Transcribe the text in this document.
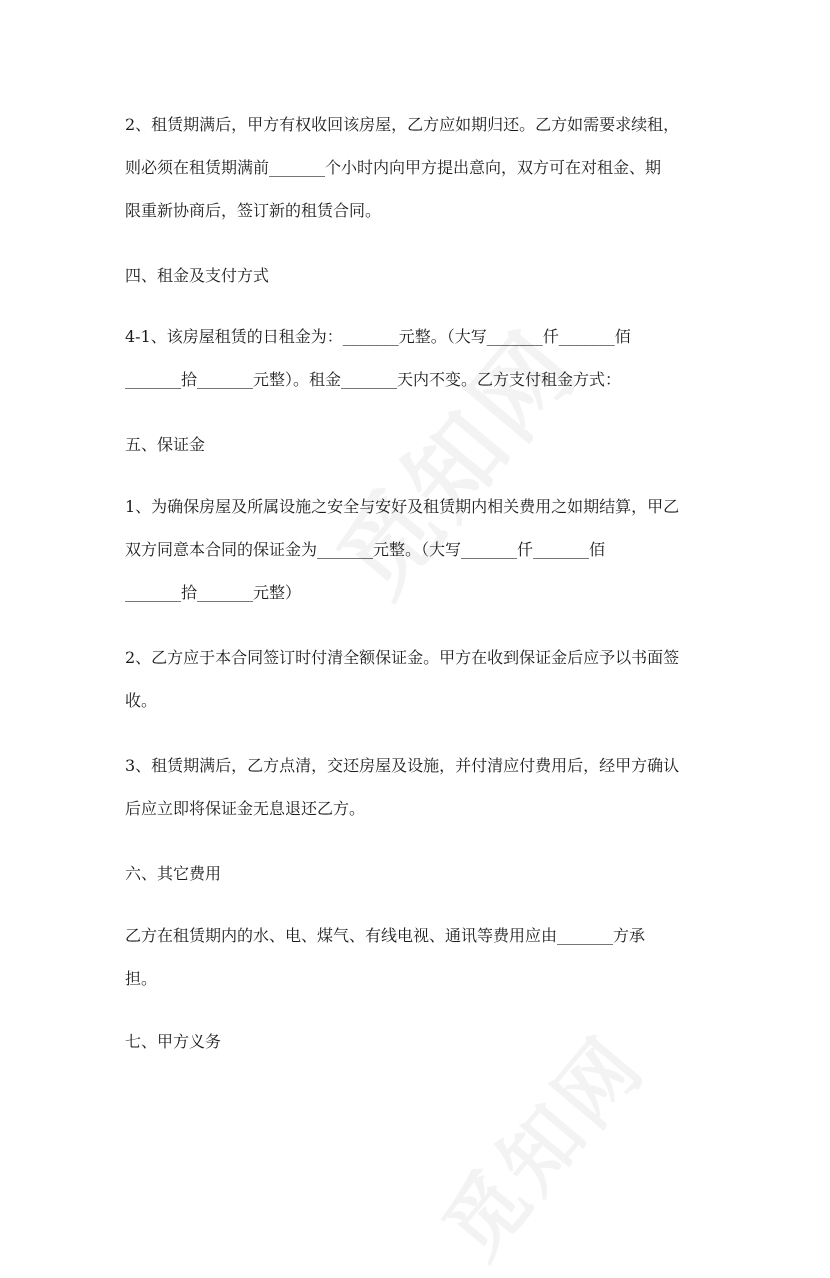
2、租赁期满后，甲方有权收回该房屋，乙方应如期归还。乙方如需要求续租，
则必须在租赁期满前_______个小时内向甲方提出意向，双方可在对租金、期
限重新协商后，签订新的租赁合同。
四、租金及支付方式
4-1、该房屋租赁的日租金为：_______元整。（大写_______仟_______佰
_______拾_______元整）。租金_______天内不变。乙方支付租金方式：
五、保证金
1、为确保房屋及所属设施之安全与安好及租赁期内相关费用之如期结算，甲乙
双方同意本合同的保证金为_______元整。（大写_______仟_______佰
_______拾_______元整）
2、乙方应于本合同签订时付清全额保证金。甲方在收到保证金后应予以书面签
收。
3、租赁期满后，乙方点清，交还房屋及设施，并付清应付费用后，经甲方确认
后应立即将保证金无息退还乙方。
六、其它费用
乙方在租赁期内的水、电、煤气、有线电视、通讯等费用应由_______方承
担。
七、甲方义务
